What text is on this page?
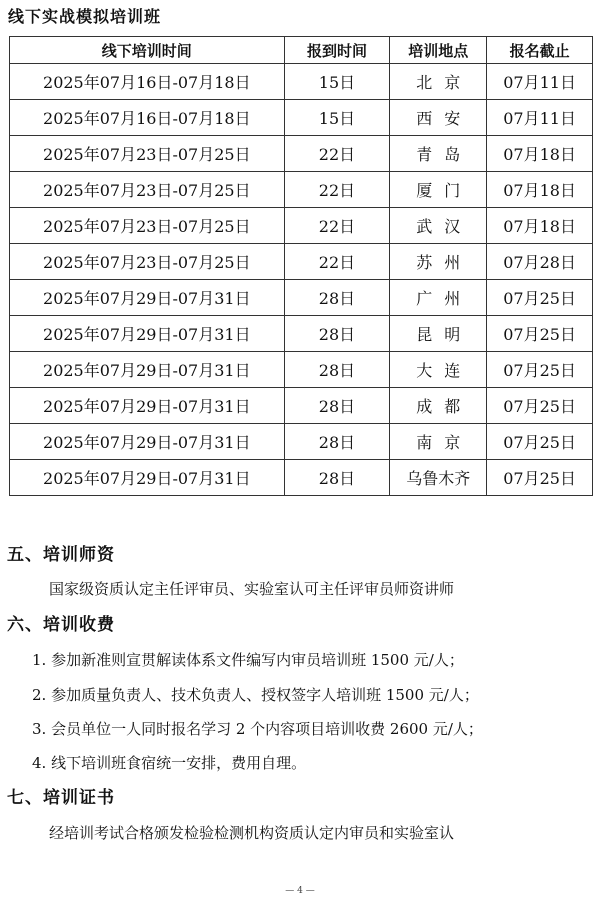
线下实战模拟培训班
线下培训时间	报到时间	培训地点	报名截止
2025年07月16日-07月18日	15日	北京	07月11日
2025年07月16日-07月18日	15日	西安	07月11日
2025年07月23日-07月25日	22日	青岛	07月18日
2025年07月23日-07月25日	22日	厦门	07月18日
2025年07月23日-07月25日	22日	武汉	07月18日
2025年07月23日-07月25日	22日	苏州	07月28日
2025年07月29日-07月31日	28日	广州	07月25日
2025年07月29日-07月31日	28日	昆明	07月25日
2025年07月29日-07月31日	28日	大连	07月25日
2025年07月29日-07月31日	28日	成都	07月25日
2025年07月29日-07月31日	28日	南京	07月25日
2025年07月29日-07月31日	28日	乌鲁木齐	07月25日
五、培训师资
国家级资质认定主任评审员、实验室认可主任评审员师资讲师
六、培训收费
1. 参加新准则宣贯解读体系文件编写内审员培训班 1500 元/人；
2. 参加质量负责人、技术负责人、授权签字人培训班 1500 元/人；
3. 会员单位一人同时报名学习 2 个内容项目培训收费 2600 元/人；
4. 线下培训班食宿统一安排，费用自理。
七、培训证书
经培训考试合格颁发检验检测机构资质认定内审员和实验室认
— 4 —
